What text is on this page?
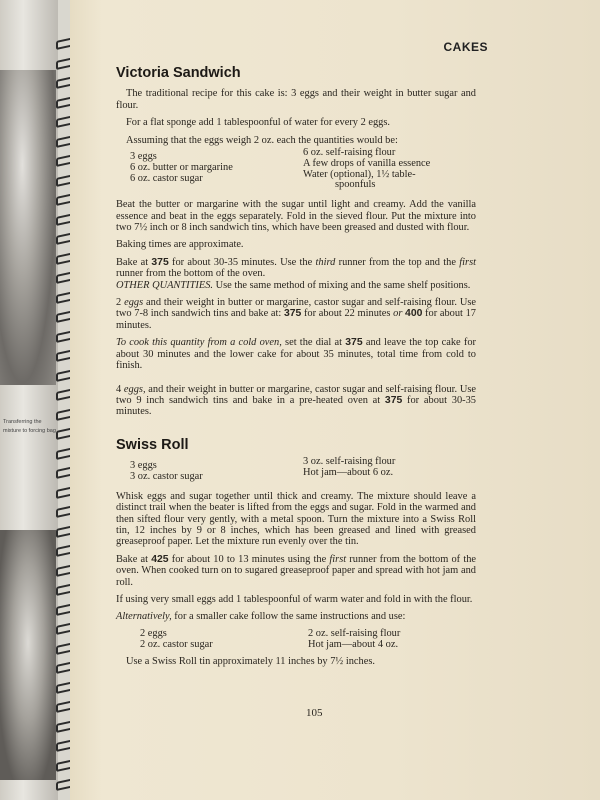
Transferring the mixture to forcing bag
CAKES
Victoria Sandwich

The traditional recipe for this cake is: 3 eggs and their weight in butter sugar and flour.

For a flat sponge add 1 tablespoonful of water for every 2 eggs.

Assuming that the eggs weigh 2 oz. each the quantities would be:

3 eggs
6 oz. butter or margarine
6 oz. castor sugar
6 oz. self-raising flour
A few drops of vanilla essence
Water (optional), 1½ table-
spoonfuls

Beat the butter or margarine with the sugar until light and creamy. Add the vanilla essence and beat in the eggs separately. Fold in the sieved flour. Put the mixture into two 7½ inch or 8 inch sandwich tins, which have been greased and dusted with flour.

Baking times are approximate.

Bake at 375 for about 30-35 minutes. Use the third runner from the top and the first runner from the bottom of the oven.

OTHER QUANTITIES. Use the same method of mixing and the same shelf positions.

2 eggs and their weight in butter or margarine, castor sugar and self-raising flour. Use two 7-8 inch sandwich tins and bake at: 375 for about 22 minutes or 400 for about 17 minutes.

To cook this quantity from a cold oven, set the dial at 375 and leave the top cake for about 30 minutes and the lower cake for about 35 minutes, total time from cold to finish.

4 eggs, and their weight in butter or margarine, castor sugar and self-raising flour. Use two 9 inch sandwich tins and bake in a pre-heated oven at 375 for about 30-35 minutes.

Swiss Roll
3 eggs
3 oz. castor sugar
3 oz. self-raising flour
Hot jam—about 6 oz.

Whisk eggs and sugar together until thick and creamy. The mixture should leave a distinct trail when the beater is lifted from the eggs and sugar. Fold in the warmed and then sifted flour very gently, with a metal spoon. Turn the mixture into a Swiss Roll tin, 12 inches by 9 or 8 inches, which has been greased and lined with greased greaseproof paper. Let the mixture run evenly over the tin.

Bake at 425 for about 10 to 13 minutes using the first runner from the bottom of the oven. When cooked turn on to sugared greaseproof paper and spread with hot jam and roll.

If using very small eggs add 1 tablespoonful of warm water and fold in with the flour.

Alternatively, for a smaller cake follow the same instructions and use:

2 eggs
2 oz. castor sugar
2 oz. self-raising flour
Hot jam—about 4 oz.

Use a Swiss Roll tin approximately 11 inches by 7½ inches.

105
